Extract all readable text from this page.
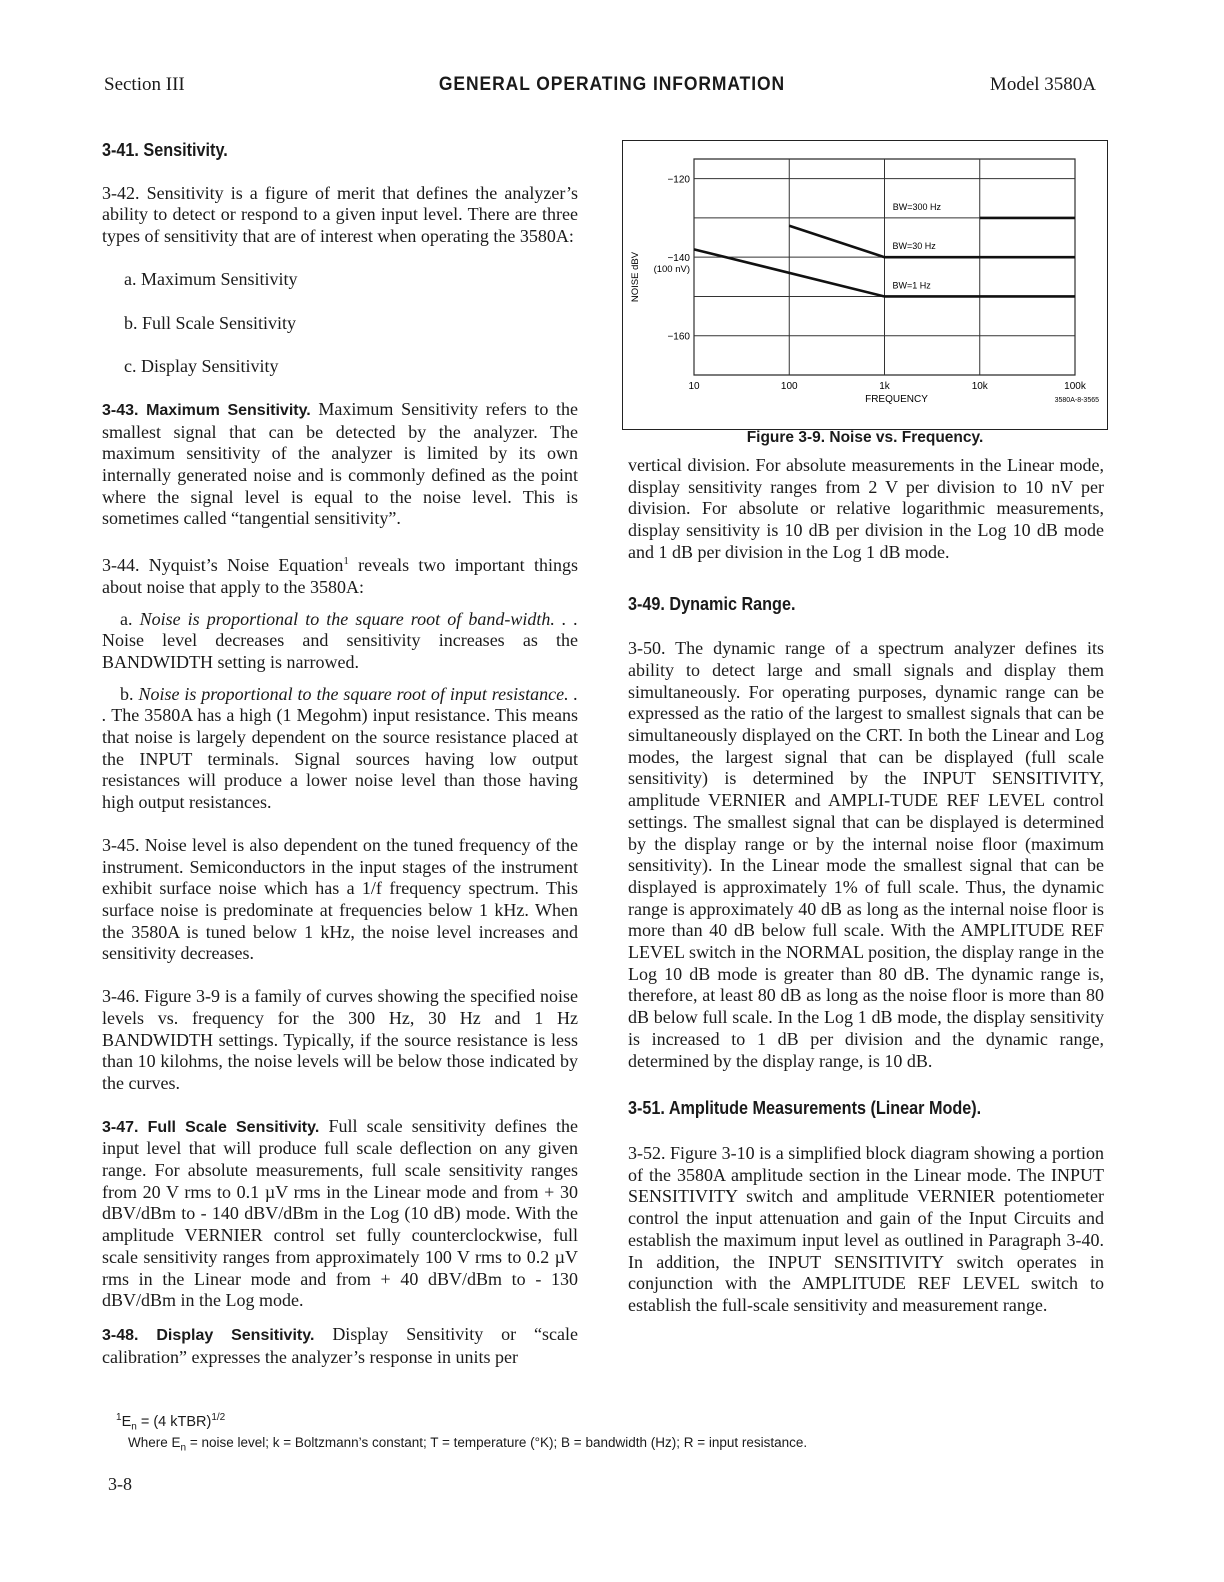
Section III	GENERAL OPERATING INFORMATION	Model 3580A
3-41. Sensitivity.

3-42. Sensitivity is a figure of merit that defines the analyzer’s ability to detect or respond to a given input level. There are three types of sensitivity that are of interest when operating the 3580A:

a. Maximum Sensitivity
b. Full Scale Sensitivity
c. Display Sensitivity

3-43. Maximum Sensitivity. Maximum Sensitivity refers to the smallest signal that can be detected by the analyzer. The maximum sensitivity of the analyzer is limited by its own internally generated noise and is commonly defined as the point where the signal level is equal to the noise level. This is sometimes called “tangential sensitivity”.

3-44. Nyquist’s Noise Equation$^1$ reveals two important things about noise that apply to the 3580A:

a. Noise is proportional to the square root of band-width. . . Noise level decreases and sensitivity increases as the BANDWIDTH setting is narrowed.

b. Noise is proportional to the square root of input resistance. . . The 3580A has a high (1 Megohm) input resistance. This means that noise is largely dependent on the source resistance placed at the INPUT terminals. Signal sources having low output resistances will produce a lower noise level than those having high output resistances.

3-45. Noise level is also dependent on the tuned frequency of the instrument. Semiconductors in the input stages of the instrument exhibit surface noise which has a 1/f frequency spectrum. This surface noise is predominate at frequencies below 1 kHz. When the 3580A is tuned below 1 kHz, the noise level increases and sensitivity decreases.

3-46. Figure 3-9 is a family of curves showing the specified noise levels vs. frequency for the 300 Hz, 30 Hz and 1 Hz BANDWIDTH settings. Typically, if the source resistance is less than 10 kilohms, the noise levels will be below those indicated by the curves.

3-47. Full Scale Sensitivity. Full scale sensitivity defines the input level that will produce full scale deflection on any given range. For absolute measurements, full scale sensitivity ranges from 20 V rms to 0.1 µV rms in the Linear mode and from + 30 dBV/dBm to - 140 dBV/dBm in the Log (10 dB) mode. With the amplitude VERNIER control set fully counterclockwise, full scale sensitivity ranges from approximately 100 V rms to 0.2 µV rms in the Linear mode and from + 40 dBV/dBm to - 130 dBV/dBm in the Log mode.

3-48. Display Sensitivity. Display Sensitivity or “scale calibration” expresses the analyzer’s response in units per

10	100	1k	10k	100k
−120
−140
−160
(100 nV)
NOISE dBV
FREQUENCY	3580A-8-3565
BW=300 Hz
BW=30 Hz
BW=1 Hz
Figure 3-9. Noise vs. Frequency.

vertical division. For absolute measurements in the Linear mode, display sensitivity ranges from 2 V per division to 10 nV per division. For absolute or relative logarithmic measurements, display sensitivity is 10 dB per division in the Log 10 dB mode and 1 dB per division in the Log 1 dB mode.

3-49. Dynamic Range.

3-50. The dynamic range of a spectrum analyzer defines its ability to detect large and small signals and display them simultaneously. For operating purposes, dynamic range can be expressed as the ratio of the largest to smallest signals that can be simultaneously displayed on the CRT. In both the Linear and Log modes, the largest signal that can be displayed (full scale sensitivity) is determined by the INPUT SENSITIVITY, amplitude VERNIER and AMPLI-TUDE REF LEVEL control settings. The smallest signal that can be displayed is determined by the display range or by the internal noise floor (maximum sensitivity). In the Linear mode the smallest signal that can be displayed is approximately 1% of full scale. Thus, the dynamic range is approximately 40 dB as long as the internal noise floor is more than 40 dB below full scale. With the AMPLITUDE REF LEVEL switch in the NORMAL position, the display range in the Log 10 dB mode is greater than 80 dB. The dynamic range is, therefore, at least 80 dB as long as the noise floor is more than 80 dB below full scale. In the Log 1 dB mode, the display sensitivity is increased to 1 dB per division and the dynamic range, determined by the display range, is 10 dB.

3-51. Amplitude Measurements (Linear Mode).

3-52. Figure 3-10 is a simplified block diagram showing a portion of the 3580A amplitude section in the Linear mode. The INPUT SENSITIVITY switch and amplitude VERNIER potentiometer control the input attenuation and gain of the Input Circuits and establish the maximum input level as outlined in Paragraph 3-40. In addition, the INPUT SENSITIVITY switch operates in conjunction with the AMPLITUDE REF LEVEL switch to establish the full-scale sensitivity and measurement range.

$^1E_n = (4$ kTBR)$^{1/2}$
Where $E_n$ = noise level; k = Boltzmann’s constant; T = temperature (°K); B = bandwidth (Hz); R = input resistance.
3-8
